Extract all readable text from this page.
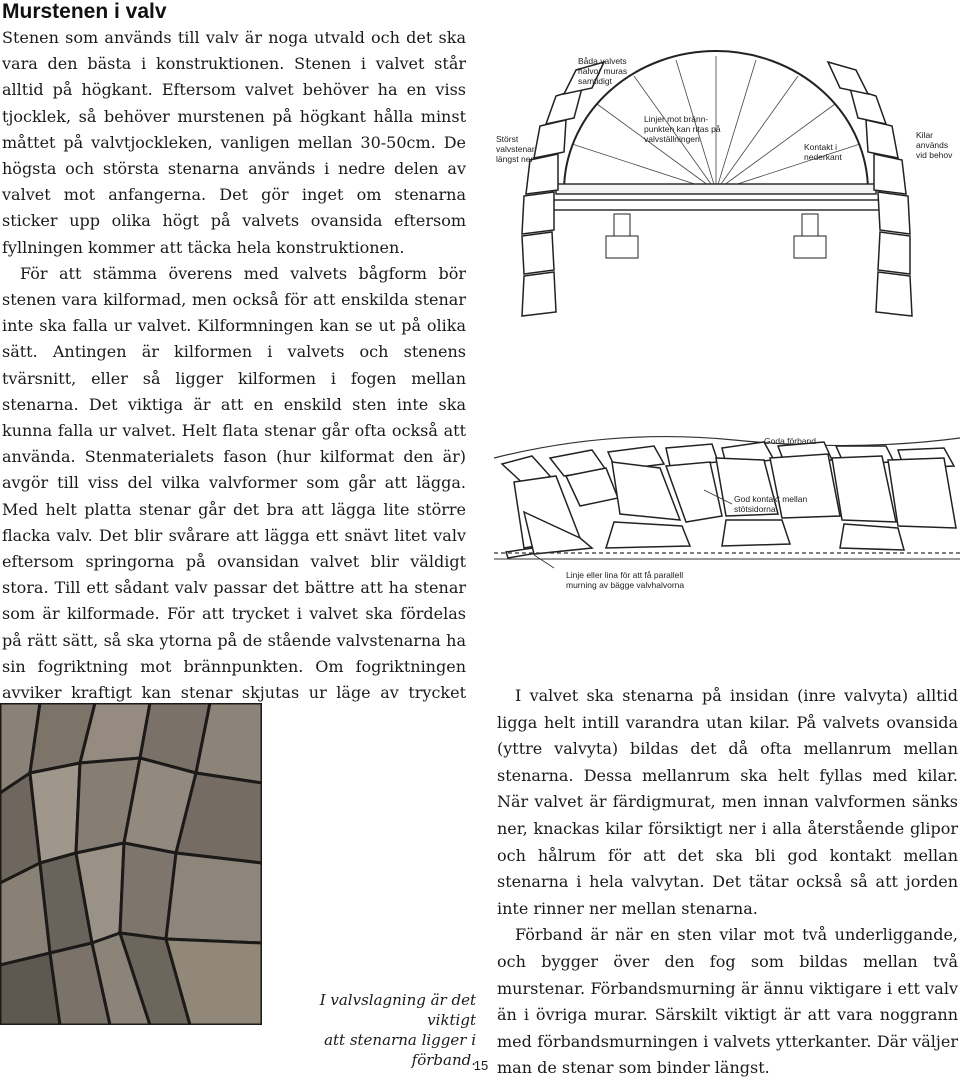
Murstenen i valv

Stenen som används till valv är noga utvald och det ska vara den bästa i konstruktionen. Stenen i valvet står alltid på högkant. Eftersom valvet behöver ha en viss tjocklek, så behöver murstenen på högkant hålla minst måttet på valvtjockleken, vanligen mellan 30-50cm. De högsta och största stenarna används i nedre delen av valvet mot anfangerna. Det gör inget om stenarna sticker upp olika högt på valvets ovansida eftersom fyllningen kommer att täcka hela konstruktionen.

För att stämma överens med valvets bågform bör stenen vara kilformad, men också för att enskilda stenar inte ska falla ur valvet. Kilformningen kan se ut på olika sätt. Antingen är kilformen i valvets och stenens tvärsnitt, eller så ligger kilformen i fogen mellan stenarna. Det viktiga är att en enskild sten inte ska kunna falla ur valvet. Helt flata stenar går ofta också att använda. Stenmaterialets fason (hur kilformat den är) avgör till viss del vilka valvformer som går att lägga. Med helt platta stenar går det bra att lägga lite större flacka valv. Det blir svårare att lägga ett snävt litet valv eftersom springorna på ovansidan valvet blir väldigt stora. Till ett sådant valv passar det bättre att ha stenar som är kilformade. För att trycket i valvet ska fördelas på rätt sätt, så ska ytorna på de stående valvstenarna ha sin fogriktning mot brännpunkten. Om fogriktningen avviker kraftigt kan stenar skjutas ur läge av trycket

Båda valvets
halvor muras
samtidigt
Störst
valvstenar
längst ner
Linjer mot bränn-
punkten kan ritas på
valvställningen
Kontakt i
nederkant
Kilar
används
vid behov
Goda förband
God kontakt mellan
stötsidorna
Linje eller lina för att få parallell
murning av bägge valvhalvorna
I valvslagning är det viktigt
att stenarna ligger i förband.

I valvet ska stenarna på insidan (inre valvyta) alltid ligga helt intill varandra utan kilar. På valvets ovansida (yttre valvyta) bildas det då ofta mellanrum mellan stenarna. Dessa mellanrum ska helt fyllas med kilar. När valvet är färdigmurat, men innan valvformen sänks ner, knackas kilar försiktigt ner i alla återstående glipor och hålrum för att det ska bli god kontakt mellan stenarna i hela valvytan. Det tätar också så att jorden inte rinner ner mellan stenarna.

Förband är när en sten vilar mot två underliggande, och bygger över den fog som bildas mellan två murstenar. Förbandsmurning är ännu viktigare i ett valv än i övriga murar. Särskilt viktigt är att vara noggrann med förbandsmurningen i valvets ytterkanter. Där väljer man de stenar som binder längst.

15
